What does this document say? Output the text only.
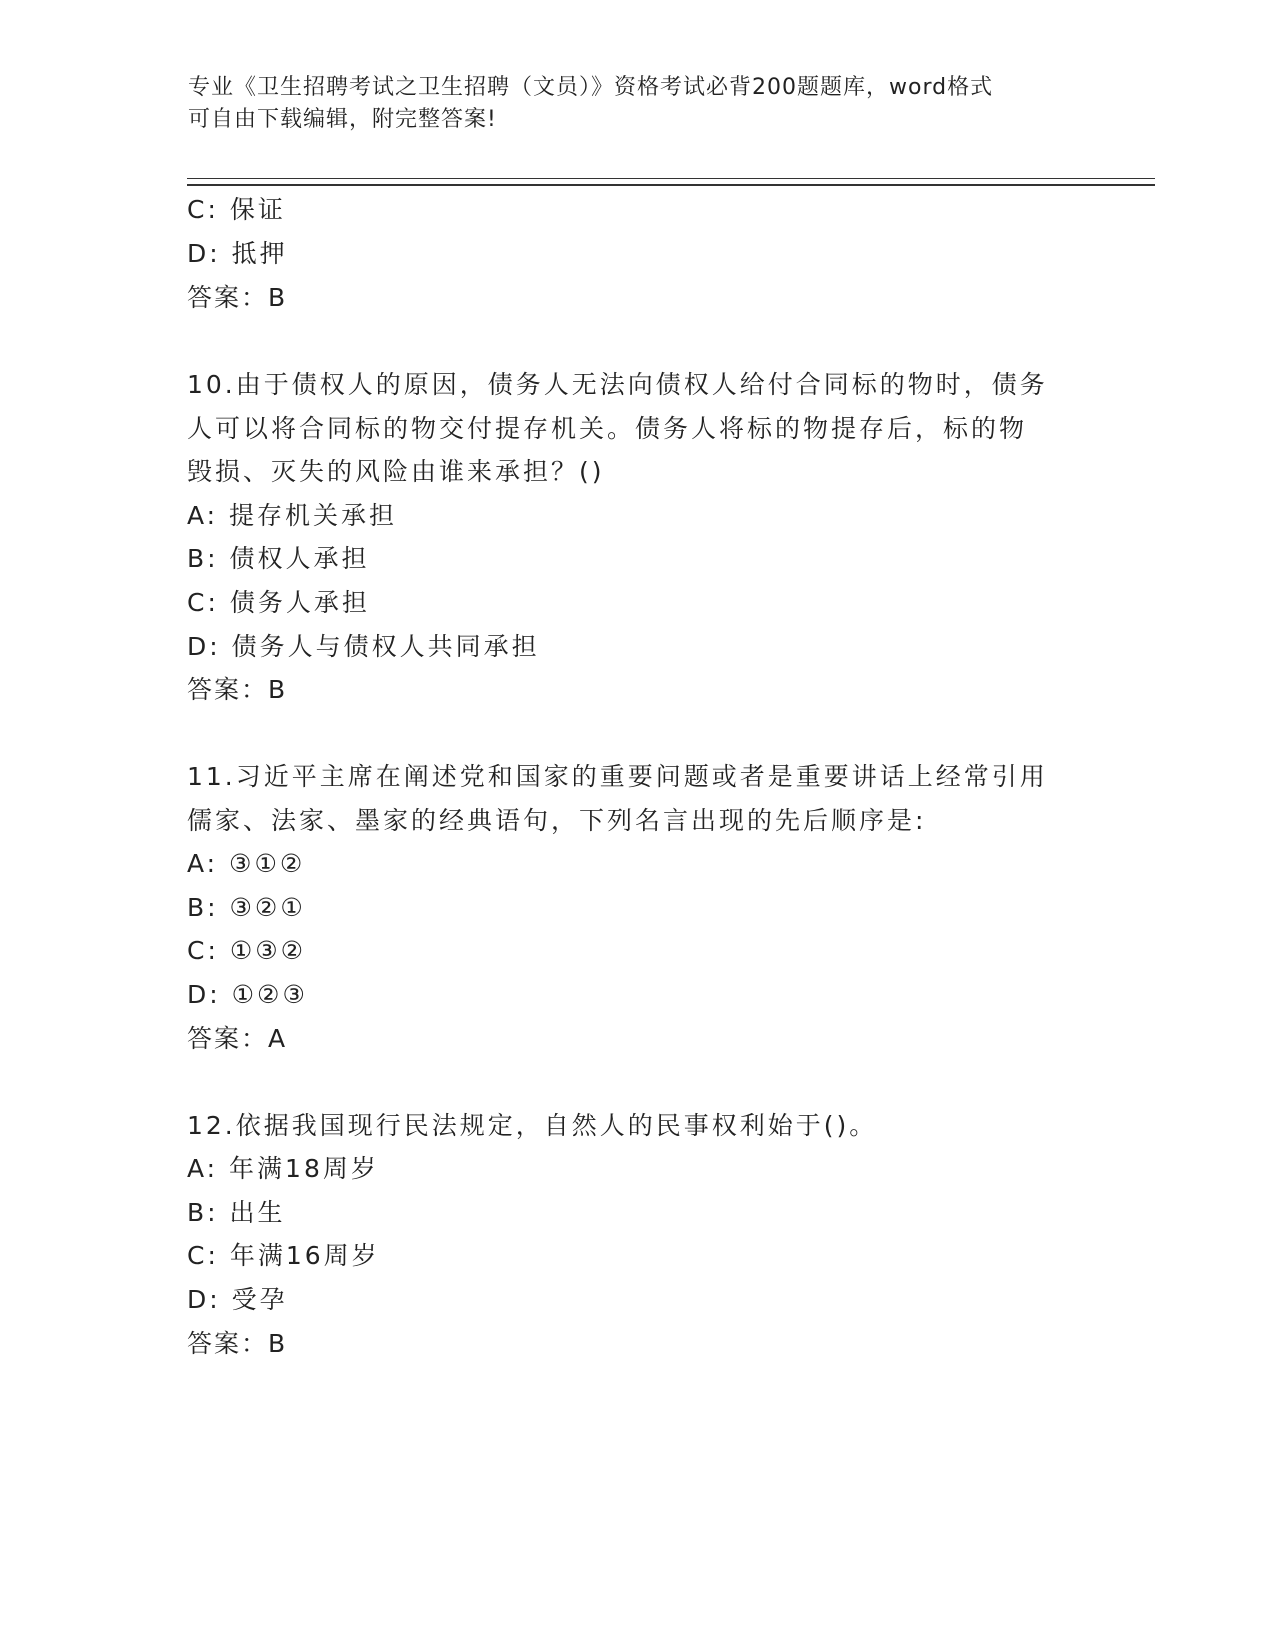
专业《卫生招聘考试之卫生招聘（文员）》资格考试必背200题题库，word格式
可自由下载编辑，附完整答案!
C: 保证
D: 抵押
答案：B
10.由于债权人的原因，债务人无法向债权人给付合同标的物时，债务
人可以将合同标的物交付提存机关。债务人将标的物提存后，标的物
毁损、灭失的风险由谁来承担？()
A: 提存机关承担
B: 债权人承担
C: 债务人承担
D: 债务人与债权人共同承担
答案：B
11.习近平主席在阐述党和国家的重要问题或者是重要讲话上经常引用
儒家、法家、墨家的经典语句，下列名言出现的先后顺序是:
A: ③①②
B: ③②①
C: ①③②
D: ①②③
答案：A
12.依据我国现行民法规定，自然人的民事权利始于()。
A: 年满18周岁
B: 出生
C: 年满16周岁
D: 受孕
答案：B
